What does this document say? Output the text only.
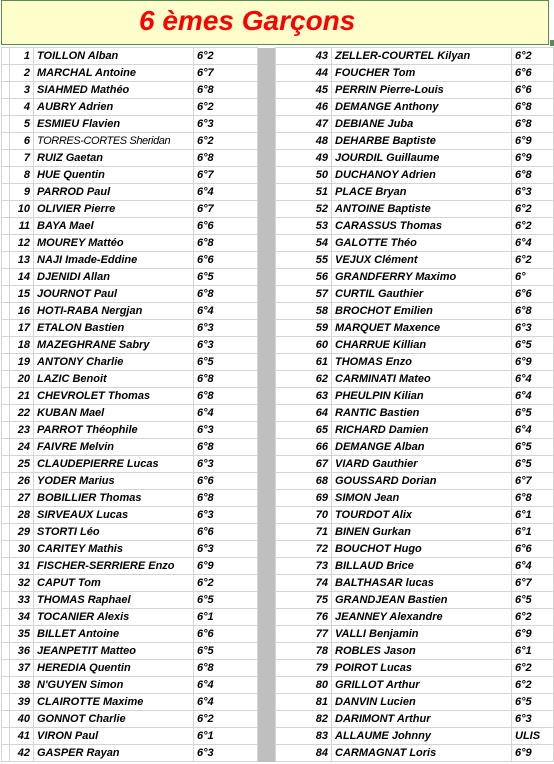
6 èmes Garçons
	1	TOILLON Alban	6°2			43	ZELLER-COURTEL Kilyan	6°2
	2	MARCHAL Antoine	6°7			44	FOUCHER Tom	6°6
	3	SIAHMED Mathéo	6°8			45	PERRIN Pierre-Louis	6°6
	4	AUBRY Adrien	6°2			46	DEMANGE Anthony	6°8
	5	ESMIEU Flavien	6°3			47	DEBIANE Juba	6°8
	6	TORRES-CORTES Sheridan	6°2			48	DEHARBE Baptiste	6°9
	7	RUIZ Gaetan	6°8			49	JOURDIL Guillaume	6°9
	8	HUE Quentin	6°7			50	DUCHANOY Adrien	6°8
	9	PARROD Paul	6°4			51	PLACE Bryan	6°3
	10	OLIVIER Pierre	6°7			52	ANTOINE Baptiste	6°2
	11	BAYA Mael	6°6			53	CARASSUS Thomas	6°2
	12	MOUREY Mattéo	6°8			54	GALOTTE Théo	6°4
	13	NAJI Imade-Eddine	6°6			55	VEJUX Clément	6°2
	14	DJENIDI Allan	6°5			56	GRANDFERRY Maximo	6°
	15	JOURNOT Paul	6°8			57	CURTIL Gauthier	6°6
	16	HOTI-RABA Nergjan	6°4			58	BROCHOT Emilien	6°8
	17	ETALON Bastien	6°3			59	MARQUET Maxence	6°3
	18	MAZEGHRANE Sabry	6°3			60	CHARRUE Killian	6°5
	19	ANTONY Charlie	6°5			61	THOMAS Enzo	6°9
	20	LAZIC Benoit	6°8			62	CARMINATI Mateo	6°4
	21	CHEVROLET Thomas	6°8			63	PHEULPIN Kilian	6°4
	22	KUBAN Mael	6°4			64	RANTIC Bastien	6°5
	23	PARROT Théophile	6°3			65	RICHARD Damien	6°4
	24	FAIVRE Melvin	6°8			66	DEMANGE Alban	6°5
	25	CLAUDEPIERRE Lucas	6°3			67	VIARD Gauthier	6°5
	26	YODER Marius	6°6			68	GOUSSARD Dorian	6°7
	27	BOBILLIER Thomas	6°8			69	SIMON Jean	6°8
	28	SIRVEAUX Lucas	6°3			70	TOURDOT Alix	6°1
	29	STORTI Léo	6°6			71	BINEN Gurkan	6°1
	30	CARITEY Mathis	6°3			72	BOUCHOT Hugo	6°6
	31	FISCHER-SERRIERE Enzo	6°9			73	BILLAUD Brice	6°4
	32	CAPUT Tom	6°2			74	BALTHASAR lucas	6°7
	33	THOMAS Raphael	6°5			75	GRANDJEAN Bastien	6°5
	34	TOCANIER Alexis	6°1			76	JEANNEY Alexandre	6°2
	35	BILLET Antoine	6°6			77	VALLI Benjamin	6°9
	36	JEANPETIT Matteo	6°5			78	ROBLES Jason	6°1
	37	HEREDIA Quentin	6°8			79	POIROT Lucas	6°2
	38	N'GUYEN Simon	6°4			80	GRILLOT Arthur	6°2
	39	CLAIROTTE Maxime	6°4			81	DANVIN Lucien	6°5
	40	GONNOT Charlie	6°2			82	DARIMONT Arthur	6°3
	41	VIRON Paul	6°1			83	ALLAUME Johnny	ULIS
	42	GASPER Rayan	6°3			84	CARMAGNAT Loris	6°9
